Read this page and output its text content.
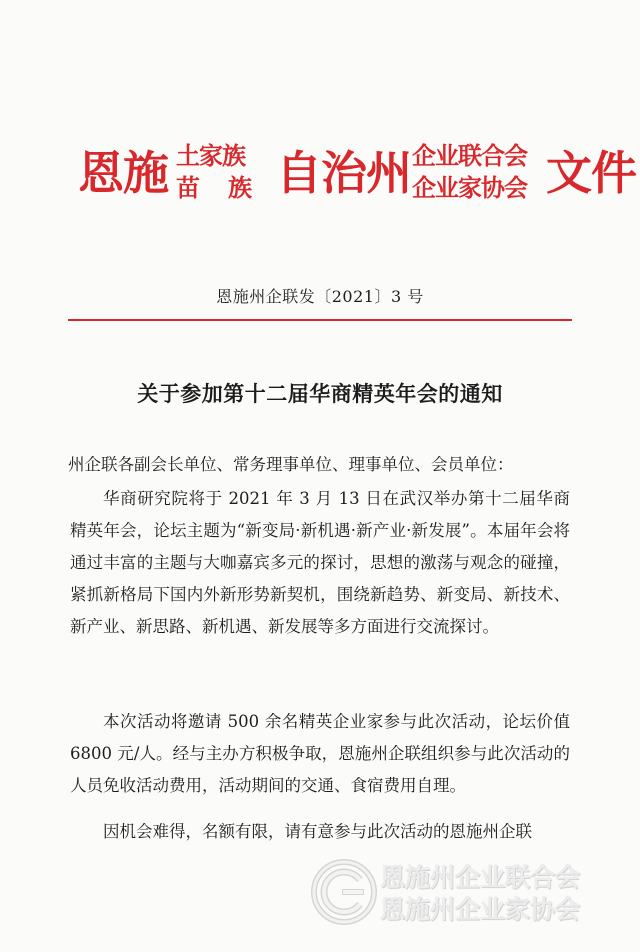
恩施 土家族
苗 族 自治州 企业联合会
企业家协会 文件
恩施州企联发〔2021〕3 号
关于参加第十二届华商精英年会的通知

州企联各副会长单位、常务理事单位、理事单位、会员单位：

华商研究院将于 2021 年 3 月 13 日在武汉举办第十二届华商精英年会，论坛主题为“新变局·新机遇·新产业·新发展”。本届年会将通过丰富的主题与大咖嘉宾多元的探讨，思想的激荡与观念的碰撞，紧抓新格局下国内外新形势新契机，围绕新趋势、新变局、新技术、新产业、新思路、新机遇、新发展等多方面进行交流探讨。

本次活动将邀请 500 余名精英企业家参与此次活动，论坛价值 6800 元/人。经与主办方积极争取，恩施州企联组织参与此次活动的人员免收活动费用，活动期间的交通、食宿费用自理。

因机会难得，名额有限，请有意参与此次活动的恩施州企联

恩施州企业联合会
恩施州企业家协会
